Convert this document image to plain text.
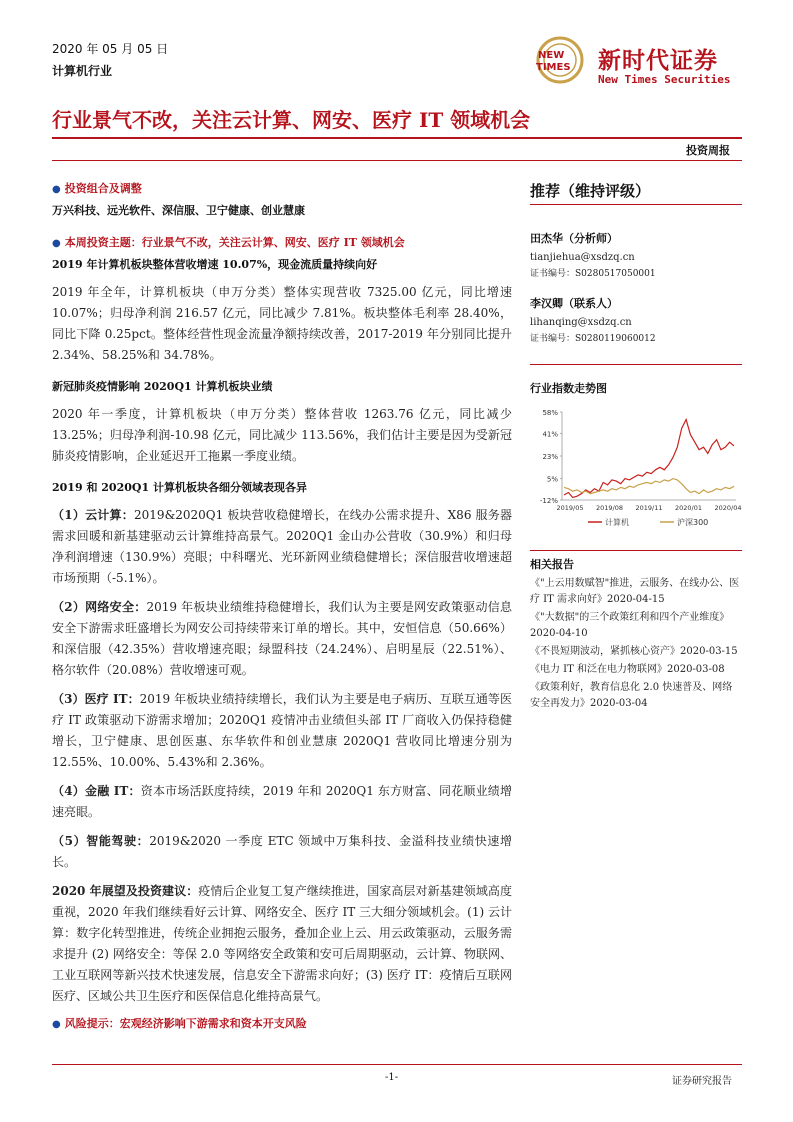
2020 年 05 月 05 日
计算机行业
NEW
TIMES 新时代证券
New Times Securities
行业景气不改，关注云计算、网安、医疗 IT 领域机会
投资周报
● 投资组合及调整
万兴科技、远光软件、深信服、卫宁健康、创业慧康
● 本周投资主题：行业景气不改，关注云计算、网安、医疗 IT 领域机会
2019 年计算机板块整体营收增速 10.07%，现金流质量持续向好
2019 年全年，计算机板块（申万分类）整体实现营收 7325.00 亿元，同比增速 10.07%；归母净利润 216.57 亿元，同比减少 7.81%。板块整体毛利率 28.40%，同比下降 0.25pct。整体经营性现金流量净额持续改善，2017-2019 年分别同比提升 2.34%、58.25%和 34.78%。
新冠肺炎疫情影响 2020Q1 计算机板块业绩
2020 年一季度，计算机板块（申万分类）整体营收 1263.76 亿元，同比减少 13.25%；归母净利润-10.98 亿元，同比减少 113.56%，我们估计主要是因为受新冠肺炎疫情影响，企业延迟开工拖累一季度业绩。
2019 和 2020Q1 计算机板块各细分领域表现各异
（1）云计算：2019&2020Q1 板块营收稳健增长，在线办公需求提升、X86 服务器需求回暖和新基建驱动云计算维持高景气。2020Q1 金山办公营收（30.9%）和归母净利润增速（130.9%）亮眼；中科曙光、光环新网业绩稳健增长；深信服营收增速超市场预期（-5.1%）。
（2）网络安全：2019 年板块业绩维持稳健增长，我们认为主要是网安政策驱动信息安全下游需求旺盛增长为网安公司持续带来订单的增长。其中，安恒信息（50.66%）和深信服（42.35%）营收增速亮眼；绿盟科技（24.24%）、启明星辰（22.51%）、格尔软件（20.08%）营收增速可观。
（3）医疗 IT：2019 年板块业绩持续增长，我们认为主要是电子病历、互联互通等医疗 IT 政策驱动下游需求增加；2020Q1 疫情冲击业绩但头部 IT 厂商收入仍保持稳健增长，卫宁健康、思创医惠、东华软件和创业慧康 2020Q1 营收同比增速分别为 12.55%、10.00%、5.43%和 2.36%。
（4）金融 IT：资本市场活跃度持续，2019 年和 2020Q1 东方财富、同花顺业绩增速亮眼。
（5）智能驾驶：2019&2020 一季度 ETC 领域中万集科技、金溢科技业绩快速增长。
2020 年展望及投资建议：疫情后企业复工复产继续推进，国家高层对新基建领域高度重视，2020 年我们继续看好云计算、网络安全、医疗 IT 三大细分领域机会。(1) 云计算：数字化转型推进，传统企业拥抱云服务，叠加企业上云、用云政策驱动，云服务需求提升 (2) 网络安全：等保 2.0 等网络安全政策和安可后周期驱动，云计算、物联网、工业互联网等新兴技术快速发展，信息安全下游需求向好；(3) 医疗 IT：疫情后互联网医疗、区域公共卫生医疗和医保信息化维持高景气。
● 风险提示：宏观经济影响下游需求和资本开支风险
推荐（维持评级）
田杰华（分析师）
tianjiehua@xsdzq.cn
证书编号：S0280517050001
李汉卿（联系人）
lihanqing@xsdzq.cn
证书编号：S0280119060012
行业指数走势图
58%
41%
23%
5%
-12%
2019/05 2019/08 2019/11 2020/01 2020/04
计算机	沪深300
相关报告
《"上云用数赋智"推进，云服务、在线办公、医疗 IT 需求向好》2020-04-15
《"大数据"的三个政策红利和四个产业维度》2020-04-10
《不畏短期波动，紧抓核心资产》2020-03-15
《电力 IT 和泛在电力物联网》2020-03-08
《政策利好，教育信息化 2.0 快速普及、网络安全再发力》2020-03-04
-1-	证券研究报告
